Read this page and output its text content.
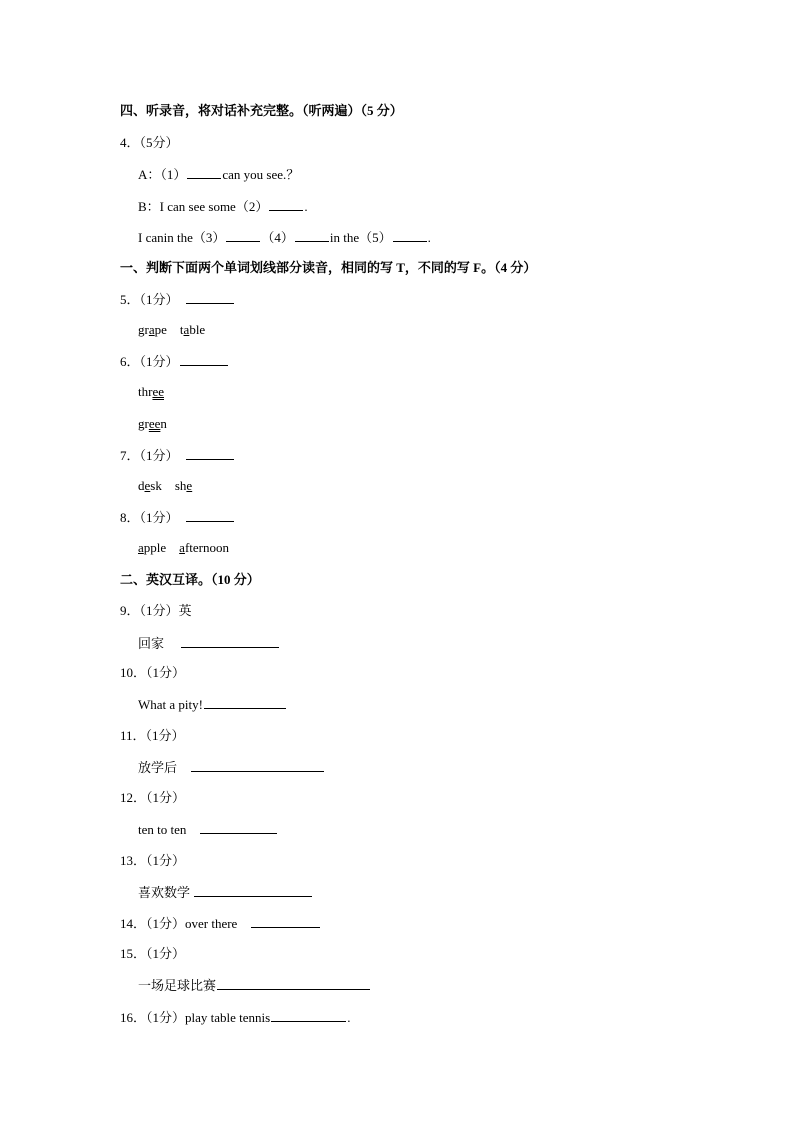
四、听录音，将对话补充完整。（听两遍）（5 分）
4．（5分）
A：（1）	can you see.？
B：I can see some（2）	.
I canin the（3）	（4）	in the（5）	.
一、判断下面两个单词划线部分读音，相同的写 T，不同的写 F。（4 分）
5．（1分）
grape table
6．（1分）
three
green
7．（1分）
desk she
8．（1分）
apple afternoon
二、英汉互译。（10 分）
9．（1分）英
回家
10．（1分）
What a pity!
11．（1分）
放学后
12．（1分）
ten to ten
13．（1分）
喜欢数学
14．（1分）over there
15．（1分）
一场足球比赛
16．（1分）play table tennis	.
